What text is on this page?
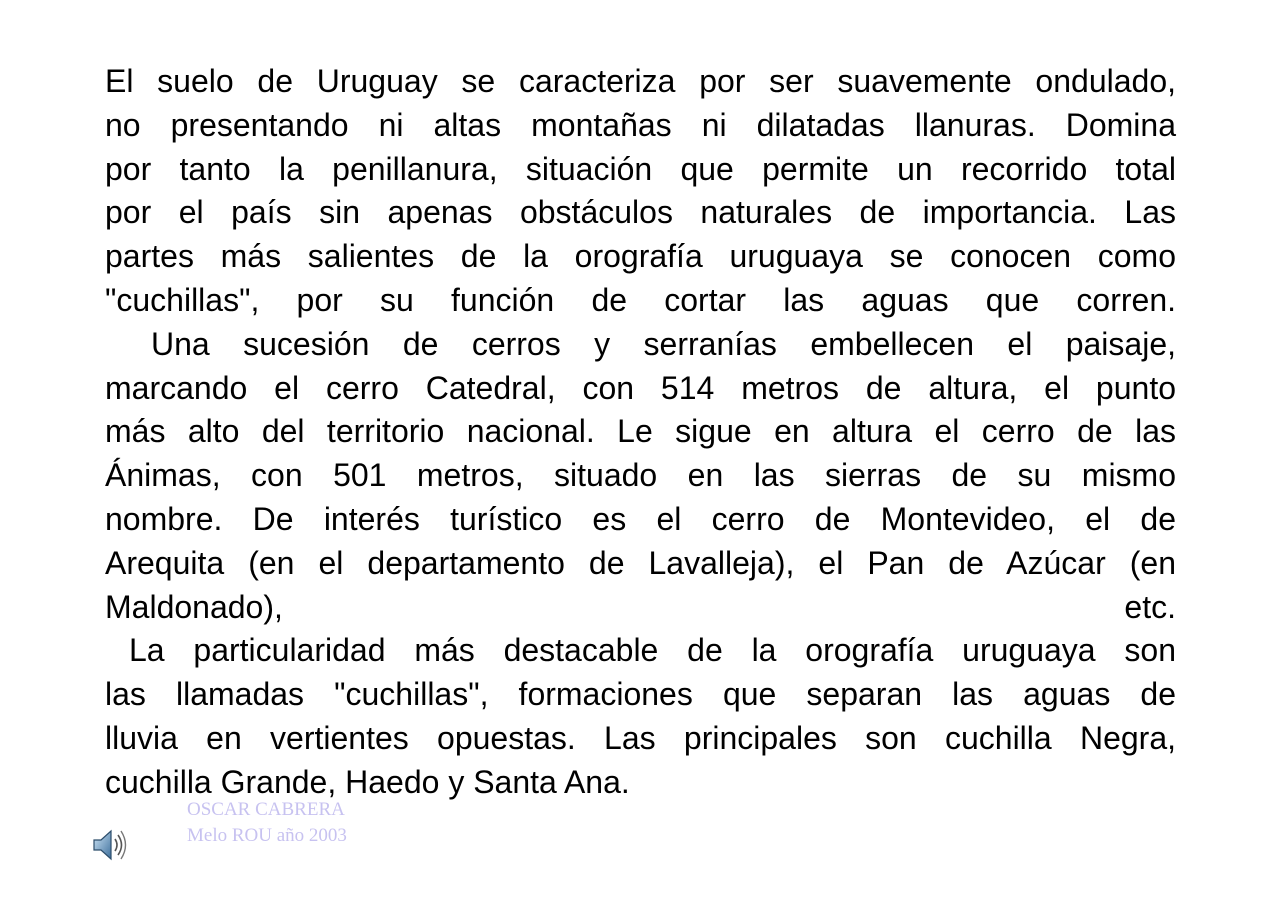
El suelo de Uruguay se caracteriza por ser suavemente ondulado,
no presentando ni altas montañas ni dilatadas llanuras. Domina
por tanto la penillanura, situación que permite un recorrido total
por el país sin apenas obstáculos naturales de importancia. Las
partes más salientes de la orografía uruguaya se conocen como
"cuchillas", por su función de cortar las aguas que corren.
Una sucesión de cerros y serranías embellecen el paisaje,
marcando el cerro Catedral, con 514 metros de altura, el punto
más alto del territorio nacional. Le sigue en altura el cerro de las
Ánimas, con 501 metros, situado en las sierras de su mismo
nombre. De interés turístico es el cerro de Montevideo, el de
Arequita (en el departamento de Lavalleja), el Pan de Azúcar (en
Maldonado), etc.
La particularidad más destacable de la orografía uruguaya son
las llamadas "cuchillas", formaciones que separan las aguas de
lluvia en vertientes opuestas. Las principales son cuchilla Negra,
cuchilla Grande, Haedo y Santa Ana.
OSCAR CABRERA
Melo ROU año 2003
